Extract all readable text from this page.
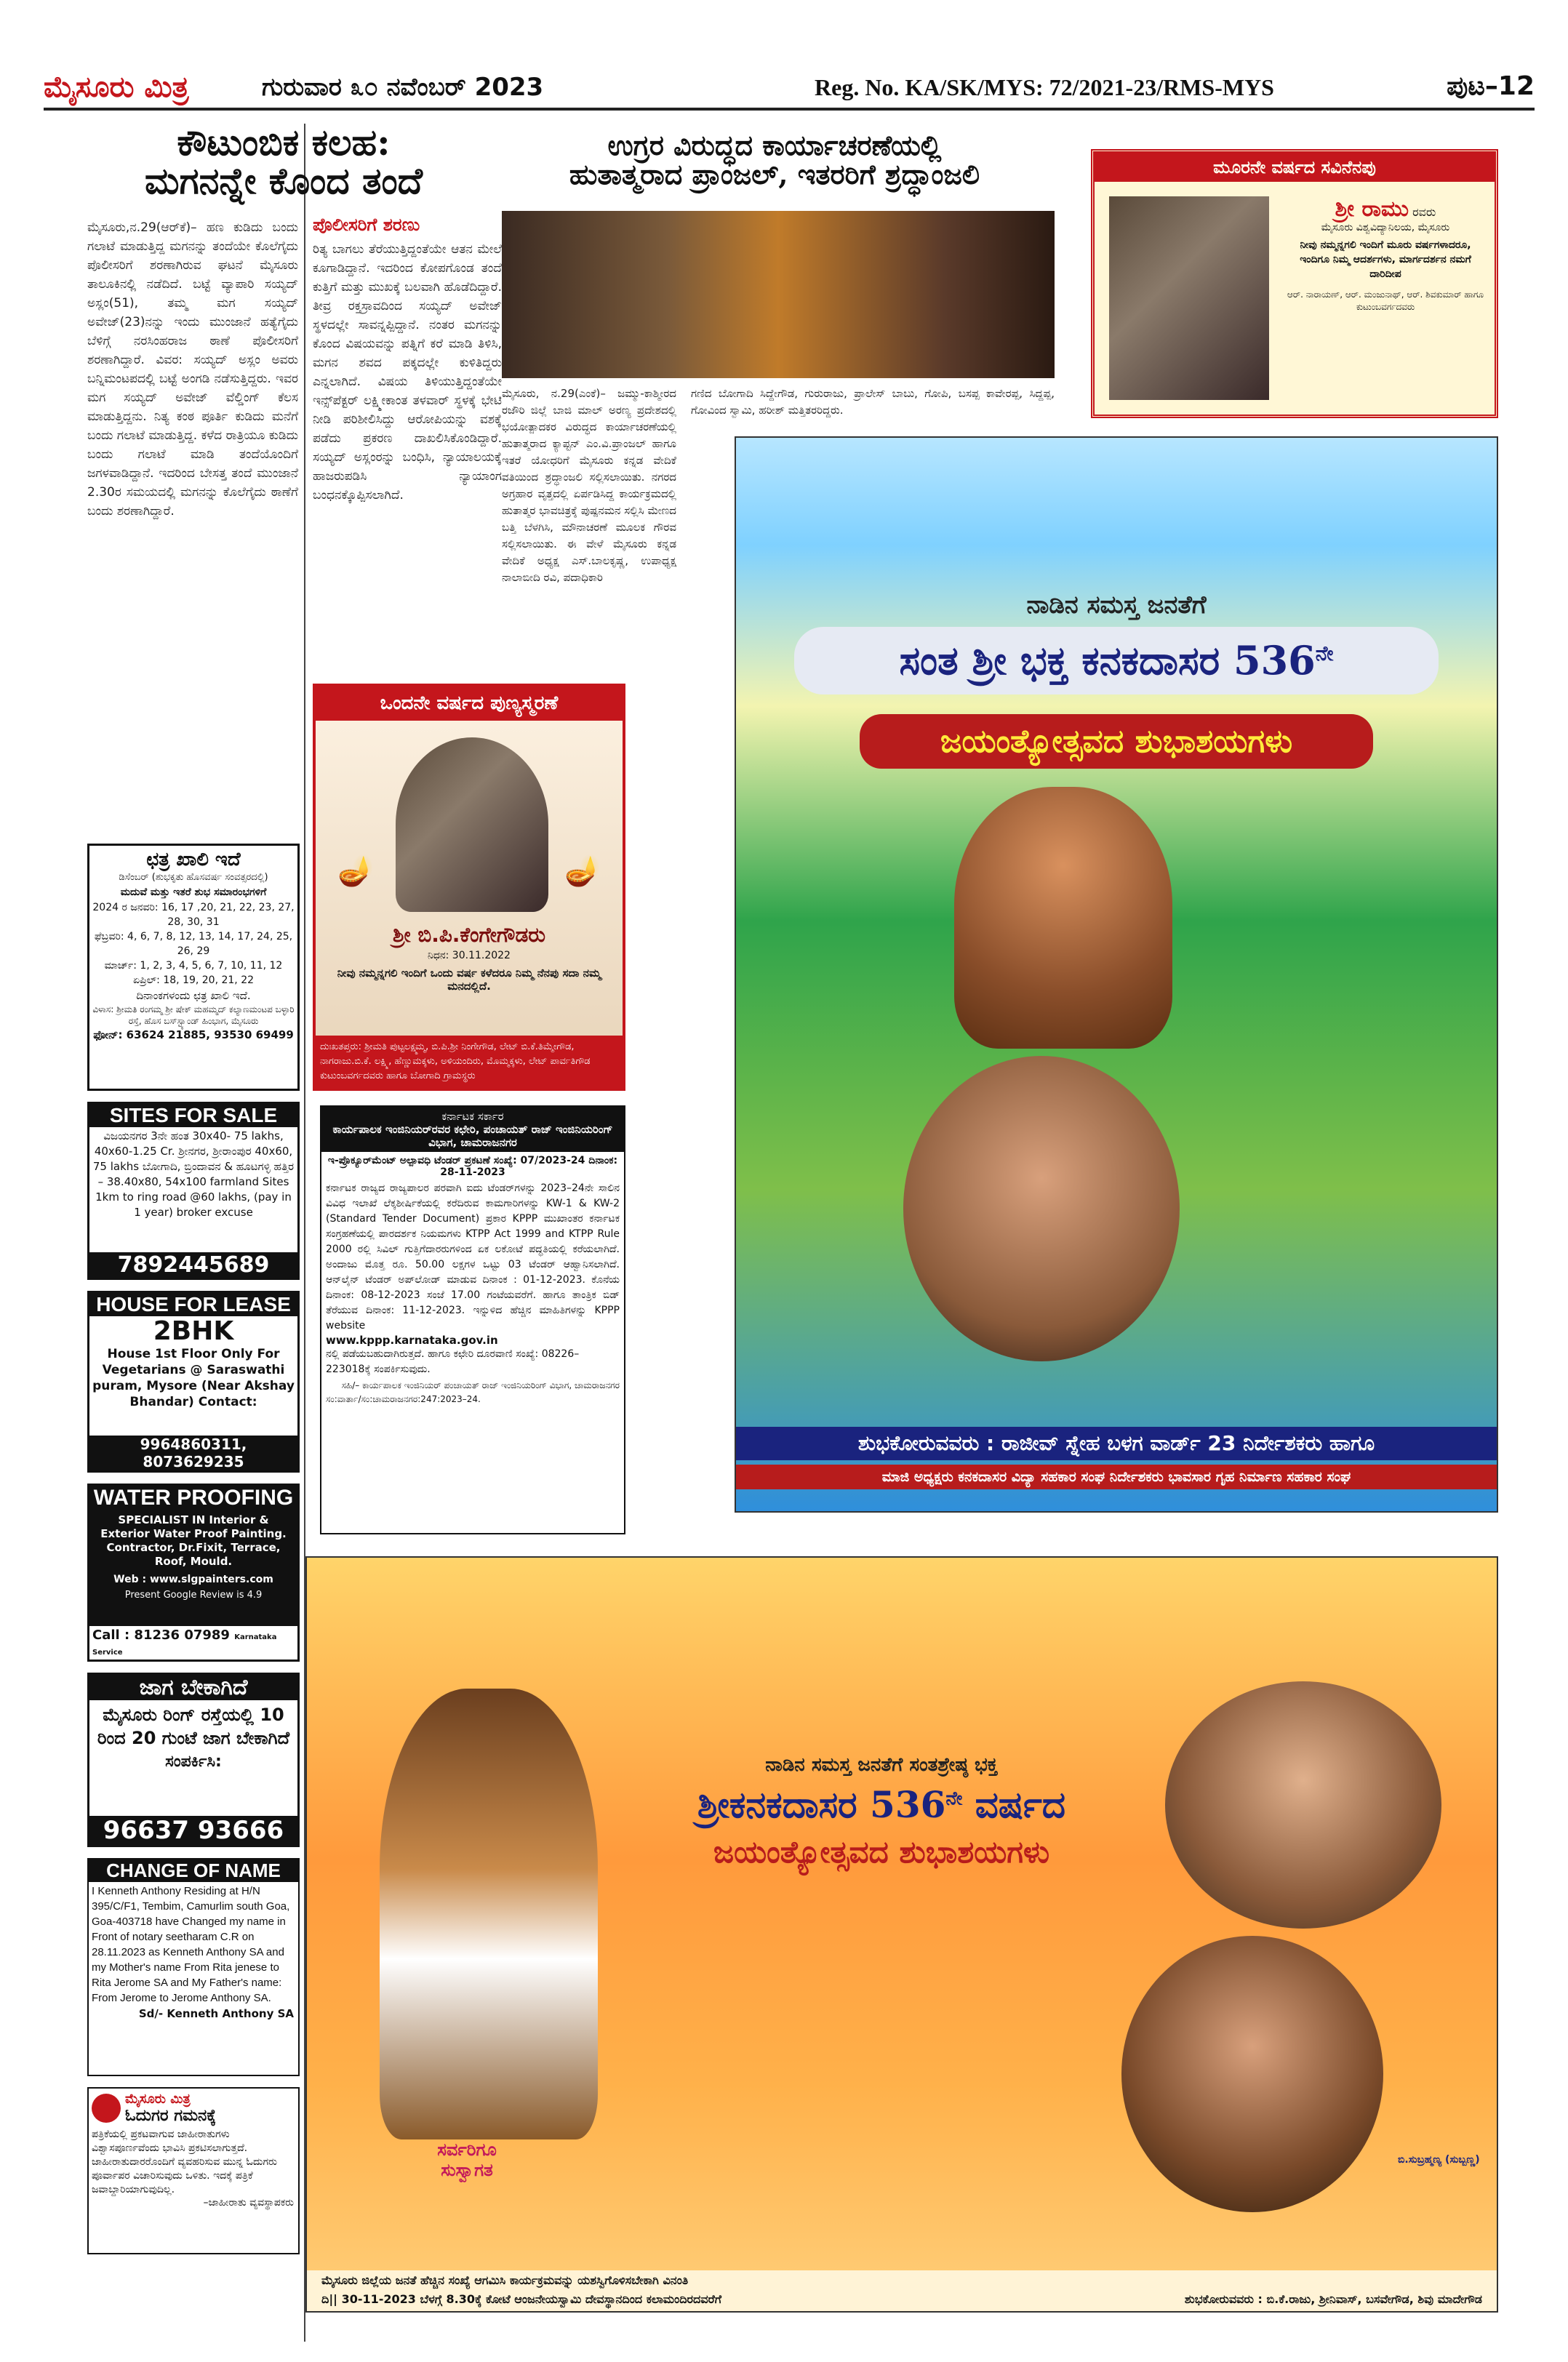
ಮೈಸೂರು ಮಿತ್ರ	ಗುರುವಾರ ೩೦ ನವೆಂಬರ್ 2023	Reg. No. KA/SK/MYS: 72/2021-23/RMS-MYS	ಪುಟ–12
ಕೌಟುಂಬಿಕ ಕಲಹ:
ಮಗನನ್ನೇ ಕೊಂದ ತಂದೆ
ಮೈಸೂರು,ನ.29(ಆರ್‌ಕೆ)– ಹಣ ಕುಡಿದು ಬಂದು ಗಲಾಟೆ ಮಾಡುತ್ತಿದ್ದ ಮಗನನ್ನು ತಂದೆಯೇ ಕೊಲೆಗೈದು ಪೊಲೀಸರಿಗೆ ಶರಣಾಗಿರುವ ಘಟನೆ ಮೈಸೂರು ತಾಲೂಕಿನಲ್ಲಿ ನಡೆದಿದೆ. ಬಟ್ಟೆ ವ್ಯಾಪಾರಿ ಸಯ್ಯದ್ ಅಸ್ಲಂ(51), ತಮ್ಮ ಮಗ ಸಯ್ಯದ್ ಅವೇಜ್(23)ನನ್ನು ಇಂದು ಮುಂಜಾನೆ ಹತ್ಯೆಗೈದು ಬೆಳಿಗ್ಗೆ ನರಸಿಂಹರಾಜ ಠಾಣೆ ಪೊಲೀಸರಿಗೆ ಶರಣಾಗಿದ್ದಾರೆ. ವಿವರ: ಸಯ್ಯದ್ ಅಸ್ಲಂ ಅವರು ಬನ್ನಿಮಂಟಪದಲ್ಲಿ ಬಟ್ಟೆ ಅಂಗಡಿ ನಡೆಸುತ್ತಿದ್ದರು. ಇವರ ಮಗ ಸಯ್ಯದ್ ಅವೇಜ್ ವೆಲ್ಡಿಂಗ್ ಕೆಲಸ ಮಾಡುತ್ತಿದ್ದನು. ನಿತ್ಯ ಕಂಠ ಪೂರ್ತಿ ಕುಡಿದು ಮನೆಗೆ ಬಂದು ಗಲಾಟೆ ಮಾಡುತ್ತಿದ್ದ. ಕಳೆದ ರಾತ್ರಿಯೂ ಕುಡಿದು ಬಂದು ಗಲಾಟೆ ಮಾಡಿ ತಂದೆಯೊಂದಿಗೆ ಜಗಳವಾಡಿದ್ದಾನೆ. ಇದರಿಂದ ಬೇಸತ್ತ ತಂದೆ ಮುಂಜಾನೆ 2.30ರ ಸಮಯದಲ್ಲಿ ಮಗನನ್ನು ಕೊಲೆಗೈದು ಠಾಣೆಗೆ ಬಂದು ಶರಣಾಗಿದ್ದಾರೆ.
ಪೊಲೀಸರಿಗೆ ಶರಣು
ರಿತ್ಯ ಬಾಗಲು ತೆರೆಯುತ್ತಿದ್ದಂತೆಯೇ ಆತನ ಮೇಲೆ ಕೂಗಾಡಿದ್ದಾನೆ. ಇದರಿಂದ ಕೋಪಗೊಂಡ ತಂದೆ ಕುತ್ತಿಗೆ ಮತ್ತು ಮುಖಕ್ಕೆ ಬಲವಾಗಿ ಹೊಡೆದಿದ್ದಾರೆ. ತೀವ್ರ ರಕ್ತಸ್ರಾವದಿಂದ ಸಯ್ಯದ್ ಅವೇಜ್ ಸ್ಥಳದಲ್ಲೇ ಸಾವನ್ನಪ್ಪಿದ್ದಾನೆ. ನಂತರ ಮಗನನ್ನು ಕೊಂದ ವಿಷಯವನ್ನು ಪತ್ನಿಗೆ ಕರೆ ಮಾಡಿ ತಿಳಿಸಿ, ಮಗನ ಶವದ ಪಕ್ಕದಲ್ಲೇ ಕುಳಿತಿದ್ದರು ಎನ್ನಲಾಗಿದೆ. ವಿಷಯ ತಿಳಿಯುತ್ತಿದ್ದಂತೆಯೇ ಇನ್ಸ್‌ಪೆಕ್ಟರ್ ಲಕ್ಷ್ಮೀಕಾಂತ ತಳವಾರ್ ಸ್ಥಳಕ್ಕೆ ಭೇಟಿ ನೀಡಿ ಪರಿಶೀಲಿಸಿದ್ದು ಆರೋಪಿಯನ್ನು ವಶಕ್ಕೆ ಪಡೆದು ಪ್ರಕರಣ ದಾಖಲಿಸಿಕೊಂಡಿದ್ದಾರೆ. ಸಯ್ಯದ್ ಅಸ್ಲಂರನ್ನು ಬಂಧಿಸಿ, ನ್ಯಾಯಾಲಯಕ್ಕೆ ಹಾಜರುಪಡಿಸಿ ನ್ಯಾಯಾಂಗ ಬಂಧನಕ್ಕೊಪ್ಪಿಸಲಾಗಿದೆ.
ಛತ್ರ ಖಾಲಿ ಇದೆ
ಡಿಸೆಂಬರ್ (ಶುಭಕೃತು ಹೊಸವರ್ಷ ಸಂವತ್ಸರದಲ್ಲಿ)
ಮದುವೆ ಮತ್ತು ಇತರೆ ಶುಭ ಸಮಾರಂಭಗಳಿಗೆ
2024 ರ ಜನವರಿ: 16, 17 ,20, 21, 22, 23, 27, 28, 30, 31
ಫೆಬ್ರವರಿ: 4, 6, 7, 8, 12, 13, 14, 17, 24, 25, 26, 29
ಮಾರ್ಚ್: 1, 2, 3, 4, 5, 6, 7, 10, 11, 12
ಏಪ್ರಿಲ್: 18, 19, 20, 21, 22
ದಿನಾಂಕಗಳಂದು ಛತ್ರ ಖಾಲಿ ಇದೆ.
ವಿಳಾಸ: ಶ್ರೀಮತಿ ರಂಗಮ್ಮ ಶ್ರೀ ಷೇಕ್ ಮಹಮ್ಮದ್ ಕಲ್ಯಾಣಮಂಟಪ ಬಳ್ಳಾರಿ ರಸ್ತೆ, ಹೊಸ ಬಸ್‌ಸ್ಟ್ಯಾಂಡ್ ಹಿಂಭಾಗ, ಮೈಸೂರು
ಫೋನ್: 63624 21885, 93530 69499
SITES FOR SALE
ವಿಜಯನಗರ 3ನೇ ಹಂತ 30x40- 75 lakhs, 40x60-1.25 Cr. ಶ್ರೀನಗರ, ಶ್ರೀರಾಂಪುರ 40x60, 75 lakhs ಬೋಗಾದಿ, ಬ್ರಿಂದಾವನ & ಹೂಟಗಳ್ಳಿ ಹತ್ತಿರ – 38.40x80, 54x100 farmland Sites 1km to ring road @60 lakhs, (pay in 1 year) broker excuse
7892445689
HOUSE FOR LEASE
2BHK
House 1st Floor Only For Vegetarians @ Saraswathi puram, Mysore (Near Akshay Bhandar) Contact:
9964860311, 8073629235
WATER PROOFING
SPECIALIST IN Interior & Exterior Water Proof Painting. Contractor, Dr.Fixit, Terrace, Roof, Mould.
Web : www.slgpainters.com
Present Google Review is 4.9
Call : 81236 07989 Karnataka Service
ಜಾಗ ಬೇಕಾಗಿದೆ
ಮೈಸೂರು ರಿಂಗ್ ರಸ್ತೆಯಲ್ಲಿ 10 ರಿಂದ 20 ಗುಂಟೆ ಜಾಗ ಬೇಕಾಗಿದೆ
ಸಂಪರ್ಕಿಸಿ:
96637 93666
CHANGE OF NAME
I Kenneth Anthony Residing at H/N 395/C/F1, Tembim, Camurlim south Goa, Goa-403718 have Changed my name in Front of notary seetharam C.R on 28.11.2023 as Kenneth Anthony SA and my Mother's name From Rita jenese to Rita Jerome SA and My Father's name: From Jerome to Jerome Anthony SA.
Sd/- Kenneth Anthony SA
ಮೈಸೂರು ಮಿತ್ರ
ಓದುಗರ ಗಮನಕ್ಕೆ
ಪತ್ರಿಕೆಯಲ್ಲಿ ಪ್ರಕಟವಾಗುವ ಜಾಹೀರಾತುಗಳು ವಿಶ್ವಾಸಪೂರ್ಣವೆಂದು ಭಾವಿಸಿ ಪ್ರಕಟಿಸಲಾಗುತ್ತದೆ. ಜಾಹೀರಾತುದಾರರೊಂದಿಗೆ ವ್ಯವಹರಿಸುವ ಮುನ್ನ ಓದುಗರು ಪೂರ್ವಾಪರ ವಿಚಾರಿಸುವುದು ಒಳಿತು. ಇದಕ್ಕೆ ಪತ್ರಿಕೆ ಜವಾಬ್ದಾರಿಯಾಗುವುದಿಲ್ಲ.
–ಜಾಹೀರಾತು ವ್ಯವಸ್ಥಾಪಕರು
ಒಂದನೇ ವರ್ಷದ ಪುಣ್ಯಸ್ಮರಣೆ
🪔	🪔
ಶ್ರೀ ಬಿ.ಪಿ.ಕೆಂಗೇಗೌಡರು
ನಿಧನ: 30.11.2022
ನೀವು ನಮ್ಮನ್ನಗಲಿ ಇಂದಿಗೆ ಒಂದು ವರ್ಷ ಕಳೆದರೂ ನಿಮ್ಮ ನೆನಪು ಸದಾ ನಮ್ಮ ಮನದಲ್ಲಿದೆ.
ದುಃಖತಪ್ತರು: ಶ್ರೀಮತಿ ಪುಟ್ಟಲಕ್ಷ್ಮಮ್ಮ, ಬಿ.ಪಿ.ಶ್ರೀ ನಿಂಗೇಗೌಡ, ಲೇಟ್ ಬಿ.ಕೆ.ತಿಮ್ಮೇಗೌಡ, ನಾಗರಾಜು.ಬಿ.ಕೆ. ಲಕ್ಷ್ಮಿ, ಹೆಣ್ಣುಮಕ್ಕಳು, ಅಳಿಯಂದಿರು, ಮೊಮ್ಮಕ್ಕಳು, ಲೇಟ್ ಪಾರ್ವತಿಗೌಡ ಕುಟುಂಬವರ್ಗದವರು ಹಾಗೂ ಬೋಗಾದಿ ಗ್ರಾಮಸ್ಥರು
ಕರ್ನಾಟಕ ಸರ್ಕಾರ
ಕಾರ್ಯಪಾಲಕ ಇಂಜಿನಿಯರ್‌ರವರ ಕಛೇರಿ, ಪಂಚಾಯತ್ ರಾಜ್ ಇಂಜಿನಿಯರಿಂಗ್ ವಿಭಾಗ, ಚಾಮರಾಜನಗರ
ಇ-ಪ್ರೊಕ್ಯೂರ್‌ಮೆಂಟ್ ಅಲ್ಪಾವಧಿ ಟೆಂಡರ್ ಪ್ರಕಟಣೆ ಸಂಖ್ಯೆ: 07/2023-24 ದಿನಾಂಕ: 28-11-2023
ಕರ್ನಾಟಕ ರಾಜ್ಯದ ರಾಜ್ಯಪಾಲರ ಪರವಾಗಿ ಐದು ಟೆಂಡರ್‌ಗಳನ್ನು 2023–24ನೇ ಸಾಲಿನ ವಿವಿಧ ಇಲಾಖೆ ಲೆಕ್ಕಶೀರ್ಷಿಕೆಯಲ್ಲಿ ಕರೆದಿರುವ ಕಾಮಗಾರಿಗಳನ್ನು KW-1 & KW-2 (Standard Tender Document) ಪ್ರಕಾರ KPPP ಮುಖಾಂತರ ಕರ್ನಾಟಕ ಸಂಗ್ರಹಣೆಯಲ್ಲಿ ಪಾರದರ್ಶಕ ನಿಯಮಗಳು KTPP Act 1999 and KTPP Rule 2000 ರಲ್ಲಿ ಸಿವಿಲ್ ಗುತ್ತಿಗೆದಾರರುಗಳಿಂದ ಏಕ ಲಕೋಟೆ ಪದ್ಧತಿಯಲ್ಲಿ ಕರೆಯಲಾಗಿದೆ. ಅಂದಾಜು ಮೊತ್ತ ರೂ. 50.00 ಲಕ್ಷಗಳ ಒಟ್ಟು 03 ಟೆಂಡರ್ ಆಹ್ವಾನಿಸಲಾಗಿದೆ. ಆನ್‌ಲೈನ್ ಟೆಂಡರ್ ಅಪ್‌ಲೋಡ್ ಮಾಡುವ ದಿನಾಂಕ : 01-12-2023. ಕೊನೆಯ ದಿನಾಂಕ: 08-12-2023 ಸಂಜೆ 17.00 ಗಂಟೆಯವರೆಗೆ. ಹಾಗೂ ತಾಂತ್ರಿಕ ಬಿಡ್ ತೆರೆಯುವ ದಿನಾಂಕ: 11-12-2023. ಇನ್ನುಳಿದ ಹೆಚ್ಚಿನ ಮಾಹಿತಿಗಳನ್ನು KPPP website
www.kppp.karnataka.gov.in
ನಲ್ಲಿ ಪಡೆಯಬಹುದಾಗಿರುತ್ತದೆ. ಹಾಗೂ ಕಛೇರಿ ದೂರವಾಣಿ ಸಂಖ್ಯೆ: 08226– 223018ಕ್ಕೆ ಸಂಪರ್ಕಿಸುವುದು.
ಸಹಿ/– ಕಾರ್ಯಪಾಲಕ ಇಂಜಿನಿಯರ್ ಪಂಚಾಯತ್ ರಾಜ್ ಇಂಜಿನಿಯರಿಂಗ್ ವಿಭಾಗ, ಚಾಮರಾಜನಗರ
ಸಂ:ವಾರ್ತಾ/ಸಂ:ಚಾಮರಾಜನಗರ:247:2023–24.
ಉಗ್ರರ ವಿರುದ್ಧದ ಕಾರ್ಯಾಚರಣೆಯಲ್ಲಿ
ಹುತಾತ್ಮರಾದ ಪ್ರಾಂಜಲ್, ಇತರರಿಗೆ ಶ್ರದ್ಧಾಂಜಲಿ
ಮೈಸೂರು, ನ.29(ಎಂಕೆ)– ಜಮ್ಮು-ಕಾಶ್ಮೀರದ ರಜೌರಿ ಜಿಲ್ಲೆ ಬಾಜಿ ಮಾಲ್ ಅರಣ್ಯ ಪ್ರದೇಶದಲ್ಲಿ ಭಯೋತ್ಪಾದಕರ ವಿರುದ್ಧದ ಕಾರ್ಯಾಚರಣೆಯಲ್ಲಿ ಹುತಾತ್ಮರಾದ ಕ್ಯಾಪ್ಟನ್ ಎಂ.ವಿ.ಪ್ರಾಂಜಲ್ ಹಾಗೂ ಇತರೆ ಯೋಧರಿಗೆ ಮೈಸೂರು ಕನ್ನಡ ವೇದಿಕೆ ವತಿಯಿಂದ ಶ್ರದ್ಧಾಂಜಲಿ ಸಲ್ಲಿಸಲಾಯಿತು. ನಗರದ ಅಗ್ರಹಾರ ವೃತ್ತದಲ್ಲಿ ಏರ್ಪಡಿಸಿದ್ದ ಕಾರ್ಯಕ್ರಮದಲ್ಲಿ ಹುತಾತ್ಮರ ಭಾವಚಿತ್ರಕ್ಕೆ ಪುಷ್ಪನಮನ ಸಲ್ಲಿಸಿ ಮೇಣದ ಬತ್ತಿ ಬೆಳಗಿಸಿ, ಮೌನಾಚರಣೆ ಮೂಲಕ ಗೌರವ ಸಲ್ಲಿಸಲಾಯಿತು. ಈ ವೇಳೆ ಮೈಸೂರು ಕನ್ನಡ ವೇದಿಕೆ ಅಧ್ಯಕ್ಷ ಎಸ್.ಬಾಲಕೃಷ್ಣ, ಉಪಾಧ್ಯಕ್ಷ ನಾಲಾಬೀದಿ ರವಿ, ಪದಾಧಿಕಾರಿ
ಗಣಿದ ಬೋಗಾದಿ ಸಿದ್ದೇಗೌಡ, ಗುರುರಾಜು, ಪ್ರಾಲೇಸ್ ಬಾಬು, ಗೋಪಿ, ಬಸಪ್ಪ ಕಾವೇರಪ್ಪ, ಸಿದ್ದಪ್ಪ, ಗೋವಿಂದ ಸ್ವಾಮಿ, ಹರೀಶ್ ಮತ್ತಿತರರಿದ್ದರು.
ಮೂರನೇ ವರ್ಷದ ಸವಿನೆನಪು
ಶ್ರೀ ರಾಮು ರವರು
ಮೈಸೂರು ವಿಶ್ವವಿದ್ಯಾನಿಲಯ, ಮೈಸೂರು
ನೀವು ನಮ್ಮನ್ನಗಲಿ ಇಂದಿಗೆ ಮೂರು ವರ್ಷಗಳಾದರೂ, ಇಂದಿಗೂ ನಿಮ್ಮ ಆದರ್ಶಗಳು, ಮಾರ್ಗದರ್ಶನ ನಮಗೆ ದಾರಿದೀಪ
ಆರ್. ನಾರಾಯಣ್, ಆರ್. ಮಂಜುನಾಥ್, ಆರ್. ಶಿವಕುಮಾರ್ ಹಾಗೂ ಕುಟುಂಬವರ್ಗದವರು
ನಾಡಿನ ಸಮಸ್ತ ಜನತೆಗೆ
ಸಂತ ಶ್ರೀ ಭಕ್ತ ಕನಕದಾಸರ $536^{ನೇ}$
ಜಯಂತ್ಯೋತ್ಸವದ ಶುಭಾಶಯಗಳು
ಶುಭಕೋರುವವರು : ರಾಜೀವ್ ಸ್ನೇಹ ಬಳಗ ವಾರ್ಡ್ 23 ನಿರ್ದೇಶಕರು ಹಾಗೂ
ಮಾಜಿ ಅಧ್ಯಕ್ಷರು ಕನಕದಾಸರ ವಿದ್ಯಾ ಸಹಕಾರ ಸಂಘ ನಿರ್ದೇಶಕರು ಭಾವಸಾರ ಗೃಹ ನಿರ್ಮಾಣ ಸಹಕಾರ ಸಂಘ
ನಾಡಿನ ಸಮಸ್ತ ಜನತೆಗೆ ಸಂತಶ್ರೇಷ್ಠ ಭಕ್ತ
ಶ್ರೀಕನಕದಾಸರ $536^{ನೇ}$ ವರ್ಷದ
ಜಯಂತ್ಯೋತ್ಸವದ ಶುಭಾಶಯಗಳು
ಸರ್ವರಿಗೂ ಸುಸ್ವಾಗತ	ಬಿ.ಸುಬ್ರಹ್ಮಣ್ಯ (ಸುಬ್ಬಣ್ಣ)
ಮೈಸೂರು ಜಿಲ್ಲೆಯ ಜನತೆ ಹೆಚ್ಚಿನ ಸಂಖ್ಯೆ ಆಗಮಿಸಿ ಕಾರ್ಯಕ್ರಮವನ್ನು ಯಶಸ್ವಿಗೊಳಿಸಬೇಕಾಗಿ ವಿನಂತಿ
ದಿ|| 30-11-2023 ಬೆಳಗ್ಗೆ 8.30ಕ್ಕೆ ಕೋಟೆ ಆಂಜನೇಯಸ್ವಾಮಿ ದೇವಸ್ಥಾನದಿಂದ ಕಲಾಮಂದಿರದವರೆಗೆ	ಶುಭಕೋರುವವರು : ಬಿ.ಕೆ.ರಾಜು, ಶ್ರೀನಿವಾಸ್, ಬಸವೇಗೌಡ, ಶಿವು ಮಾದೇಗೌಡ
